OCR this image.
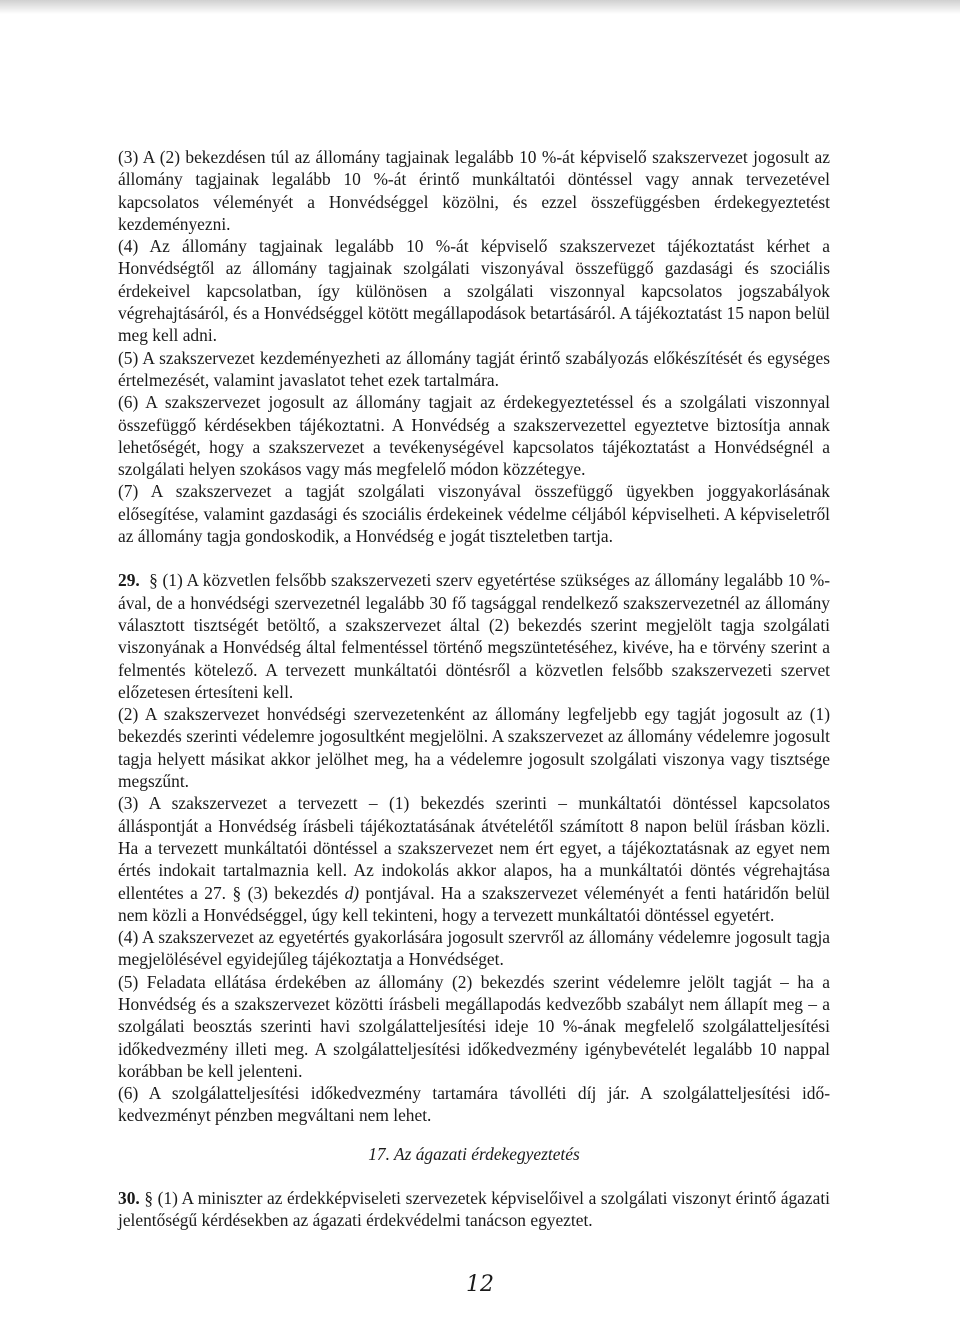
(3) A (2) bekezdésen túl az állomány tagjainak legalább 10 %-át képviselő szakszervezet jogosult az állomány tagjainak legalább 10 %-át érintő munkáltatói döntéssel vagy annak tervezetével kapcsolatos véleményét a Honvédséggel közölni, és ezzel összefüggésben érdekegyeztetést kezdeményezni.

(4) Az állomány tagjainak legalább 10 %-át képviselő szakszervezet tájékoztatást kérhet a Honvédségtől az állomány tagjainak szolgálati viszonyával összefüggő gazdasági és szociális érdekeivel kapcsolatban, így különösen a szolgálati viszonnyal kapcsolatos jogszabályok végrehajtásáról, és a Honvédséggel kötött megállapodások betartásáról. A tájékoztatást 15 napon belül meg kell adni.

(5) A szakszervezet kezdeményezheti az állomány tagját érintő szabályozás előkészítését és egységes értelmezését, valamint javaslatot tehet ezek tartalmára.

(6) A szakszervezet jogosult az állomány tagjait az érdekegyeztetéssel és a szolgálati viszonnyal összefüggő kérdésekben tájékoztatni. A Honvédség a szakszervezettel egyeztetve biztosítja annak lehetőségét, hogy a szakszervezet a tevékenységével kapcsolatos tájékoztatást a Honvédségnél a szolgálati helyen szokásos vagy más megfelelő módon közzétegye.

(7) A szakszervezet a tagját szolgálati viszonyával összefüggő ügyekben joggyakorlásának elősegítése, valamint gazdasági és szociális érdekeinek védelme céljából képviselheti. A képviseletről az állomány tagja gondoskodik, a Honvédség e jogát tiszteletben tartja.

29. § (1) A közvetlen felsőbb szakszervezeti szerv egyetértése szükséges az állomány legalább 10 %-ával, de a honvédségi szervezetnél legalább 30 fő tagsággal rendelkező szakszervezetnél az állomány választott tisztségét betöltő, a szakszervezet által (2) bekezdés szerint megjelölt tagja szolgálati viszonyának a Honvédség által felmentéssel történő megszüntetéséhez, kivéve, ha e törvény szerint a felmentés kötelező. A tervezett munkáltatói döntésről a közvetlen felsőbb szakszervezeti szervet előzetesen értesíteni kell.

(2) A szakszervezet honvédségi szervezetenként az állomány legfeljebb egy tagját jogosult az (1) bekezdés szerinti védelemre jogosultként megjelölni. A szakszervezet az állomány védelemre jogosult tagja helyett másikat akkor jelölhet meg, ha a védelemre jogosult szolgálati viszonya vagy tisztsége megszűnt.

(3) A szakszervezet a tervezett – (1) bekezdés szerinti – munkáltatói döntéssel kapcsolatos álláspontját a Honvédség írásbeli tájékoztatásának átvételétől számított 8 napon belül írásban közli. Ha a tervezett munkáltatói döntéssel a szakszervezet nem ért egyet, a tájékoztatásnak az egyet nem értés indokait tartalmaznia kell. Az indokolás akkor alapos, ha a munkáltatói döntés végrehajtása ellentétes a 27. § (3) bekezdés d) pontjával. Ha a szakszervezet véleményét a fenti határidőn belül nem közli a Honvédséggel, úgy kell tekinteni, hogy a tervezett munkáltatói döntéssel egyetért.

(4) A szakszervezet az egyetértés gyakorlására jogosult szervről az állomány védelemre jogosult tagja megjelölésével egyidejűleg tájékoztatja a Honvédséget.

(5) Feladata ellátása érdekében az állomány (2) bekezdés szerint védelemre jelölt tagját – ha a Honvédség és a szakszervezet közötti írásbeli megállapodás kedvezőbb szabályt nem állapít meg – a szolgálati beosztás szerinti havi szolgálatteljesítési ideje 10 %-ának megfelelő szolgálatteljesítési időkedvezmény illeti meg. A szolgálatteljesítési időkedvezmény igénybevételét legalább 10 nappal korábban be kell jelenteni.

(6) A szolgálatteljesítési időkedvezmény tartamára távolléti díj jár. A szolgálatteljesítési idő-kedvezményt pénzben megváltani nem lehet.

17. Az ágazati érdekegyeztetés

30. § (1) A miniszter az érdekképviseleti szervezetek képviselőivel a szolgálati viszonyt érintő ágazati jelentőségű kérdésekben az ágazati érdekvédelmi tanácson egyeztet.

12
